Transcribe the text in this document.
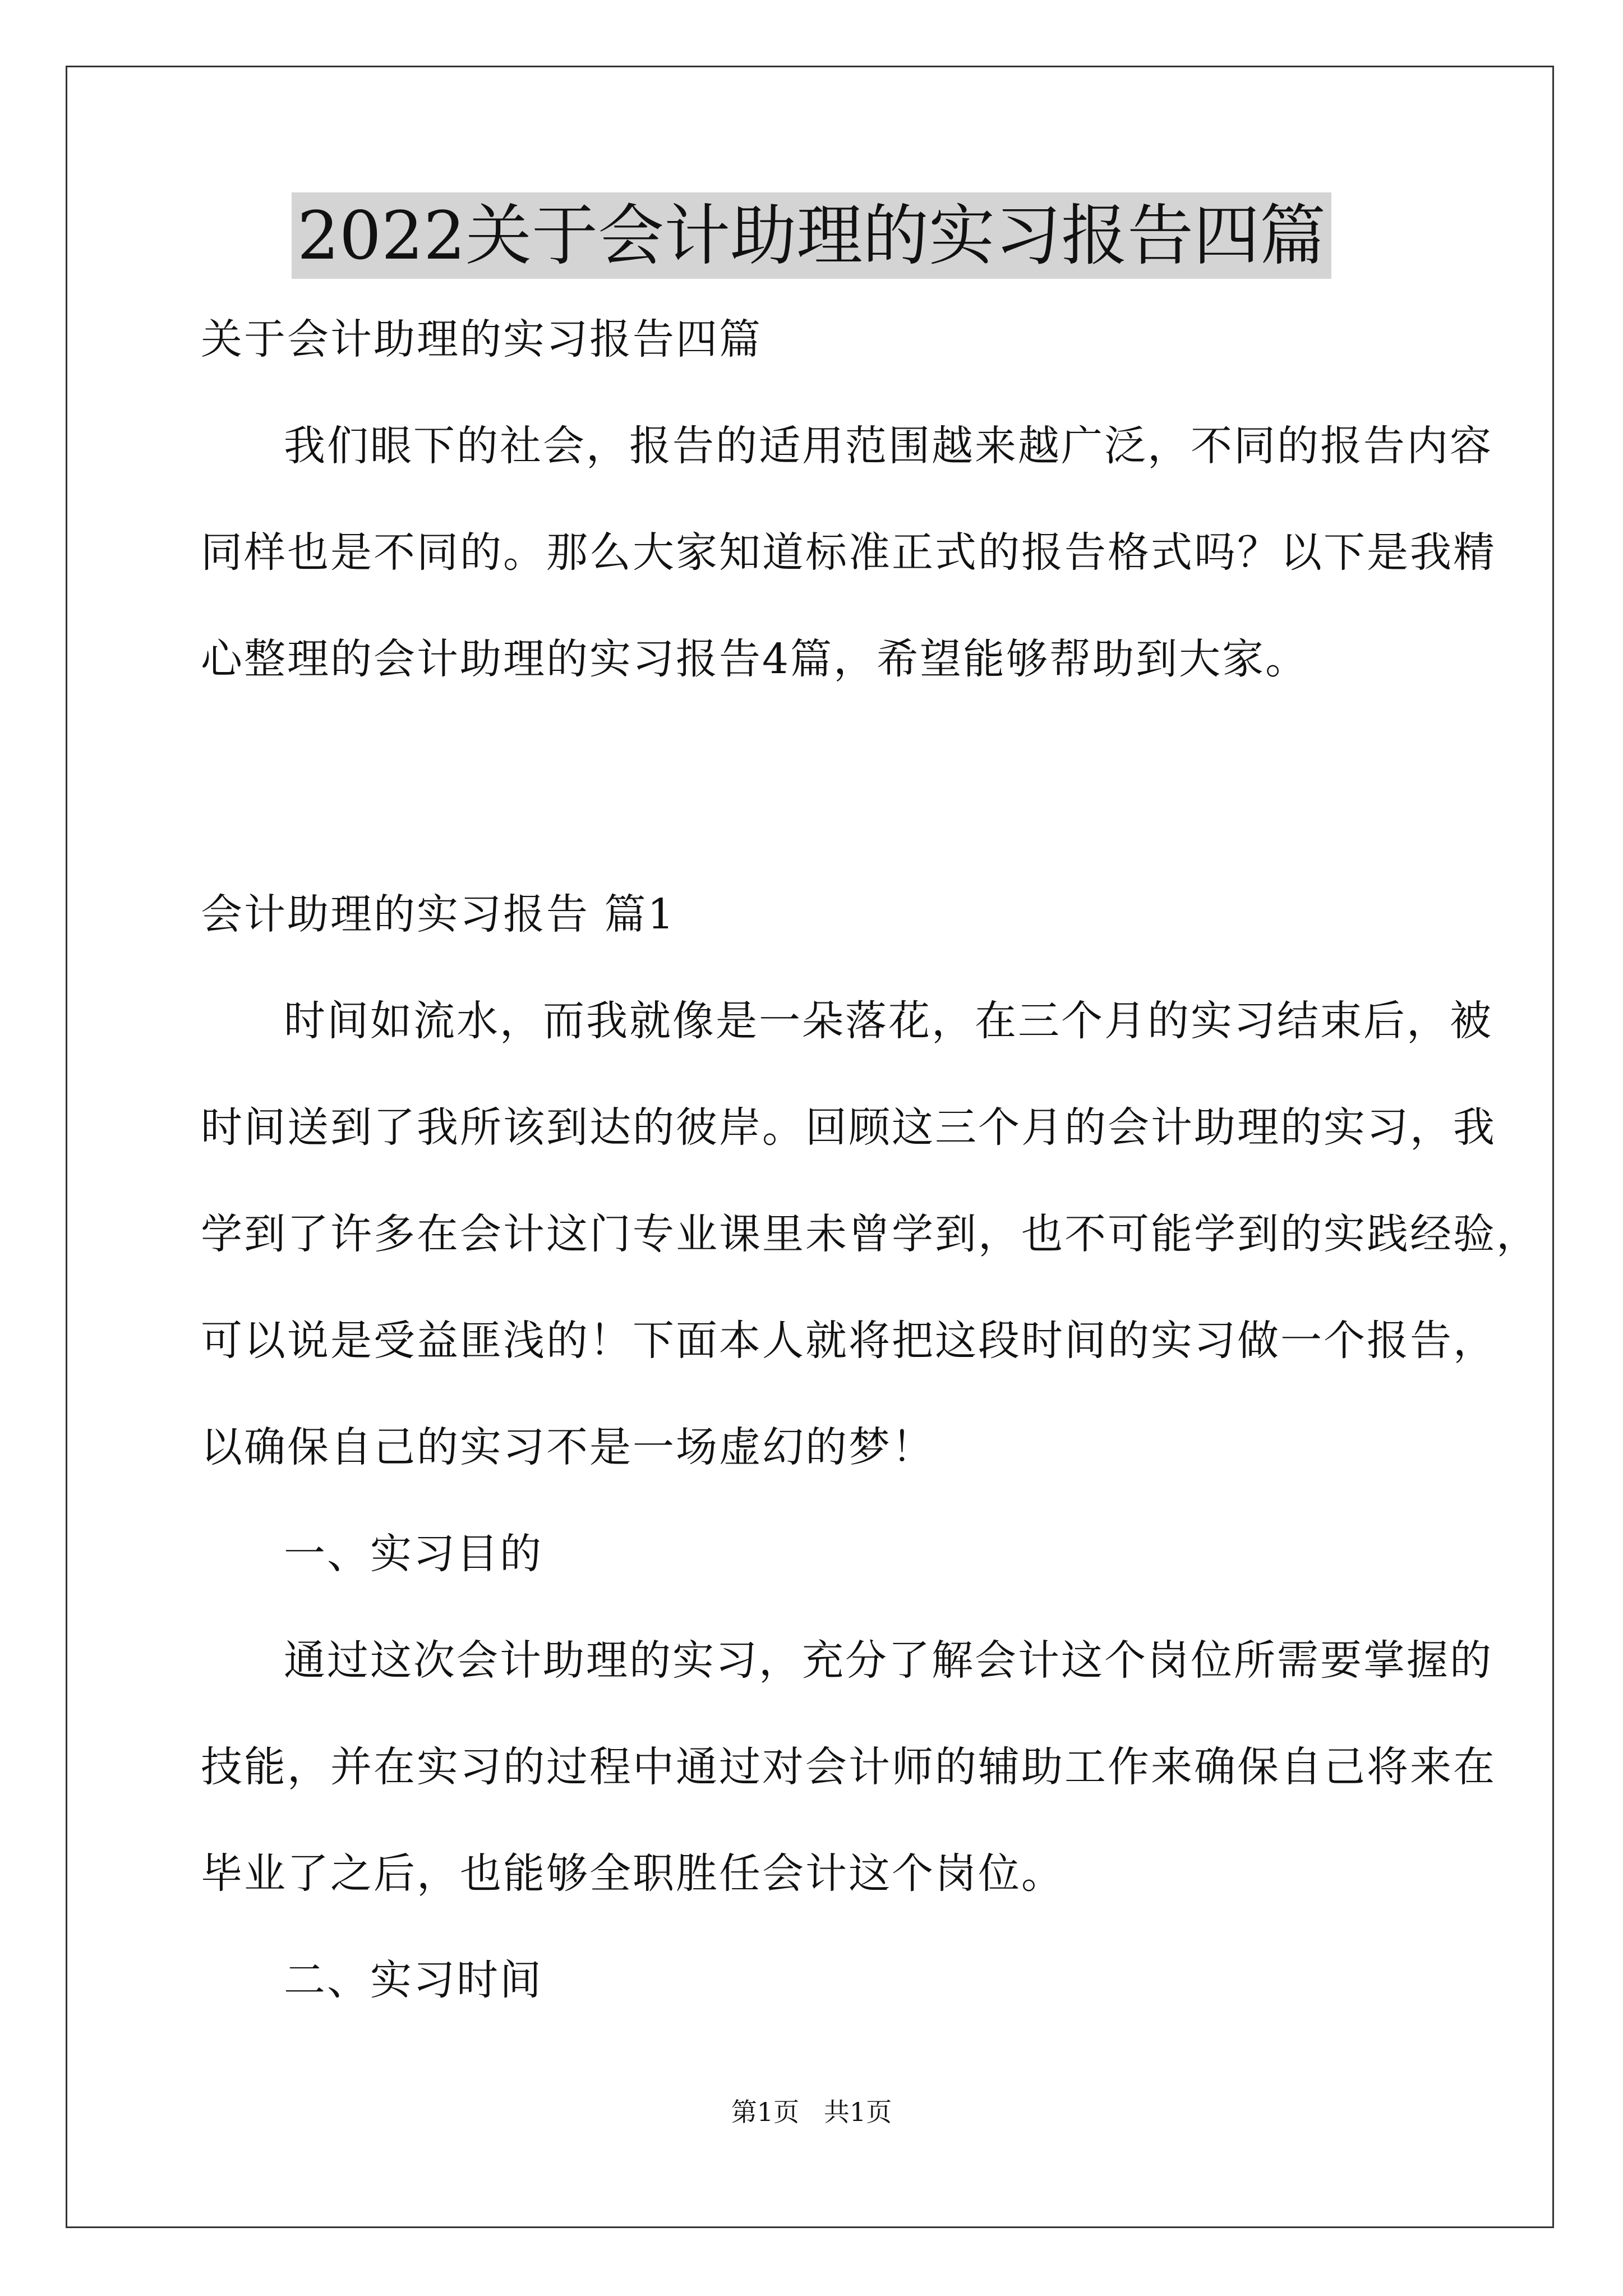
2022关于会计助理的实习报告四篇
关于会计助理的实习报告四篇
我们眼下的社会，报告的适用范围越来越广泛，不同的报告内容
同样也是不同的。那么大家知道标准正式的报告格式吗？以下是我精
心整理的会计助理的实习报告4篇，希望能够帮助到大家。
会计助理的实习报告 篇1
时间如流水，而我就像是一朵落花，在三个月的实习结束后，被
时间送到了我所该到达的彼岸。回顾这三个月的会计助理的实习，我
学到了许多在会计这门专业课里未曾学到，也不可能学到的实践经验，
可以说是受益匪浅的！下面本人就将把这段时间的实习做一个报告，
以确保自己的实习不是一场虚幻的梦！
一、实习目的
通过这次会计助理的实习，充分了解会计这个岗位所需要掌握的
技能，并在实习的过程中通过对会计师的辅助工作来确保自己将来在
毕业了之后，也能够全职胜任会计这个岗位。
二、实习时间
第1页   共1页
